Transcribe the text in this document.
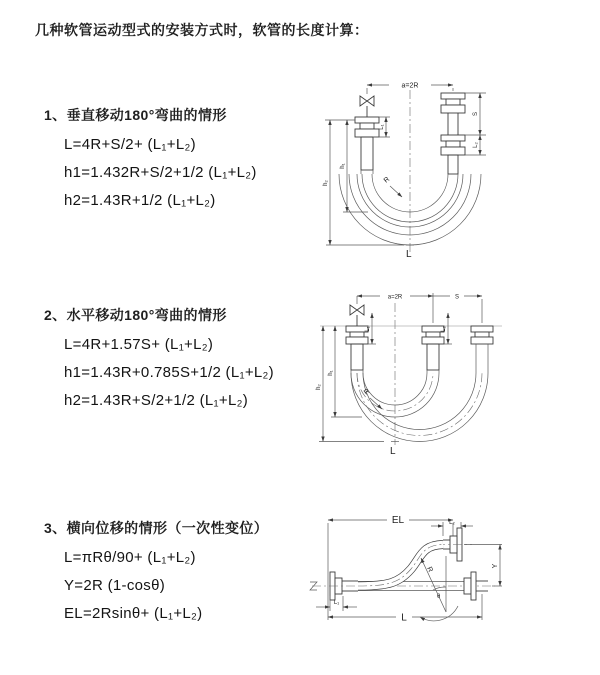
几种软管运动型式的安装方式时，软管的长度计算：

1、垂直移动180°弯曲的情形

L=4R+S/2+ (L₁+L₂)

h1=1.432R+S/2+1/2 (L₁+L₂)

h2=1.43R+1/2 (L₁+L₂)

2、水平移动180°弯曲的情形

L=4R+1.57S+ (L₁+L₂)

h1=1.43R+0.785S+1/2 (L₁+L₂)

h2=1.43R+S/2+1/2 (L₁+L₂)

3、横向位移的情形（一次性变位）

L=πRθ/90+ (L₁+L₂)

Y=2R (1-cosθ)

EL=2Rsinθ+ (L₁+L₂)

a=2R
R
h₁
h₂
L₁
S
L₂
L
a=2R	S
R
h₁
h₂
L₁	L₂
L
EL	L₂
Y
R
θ
L₁
L
